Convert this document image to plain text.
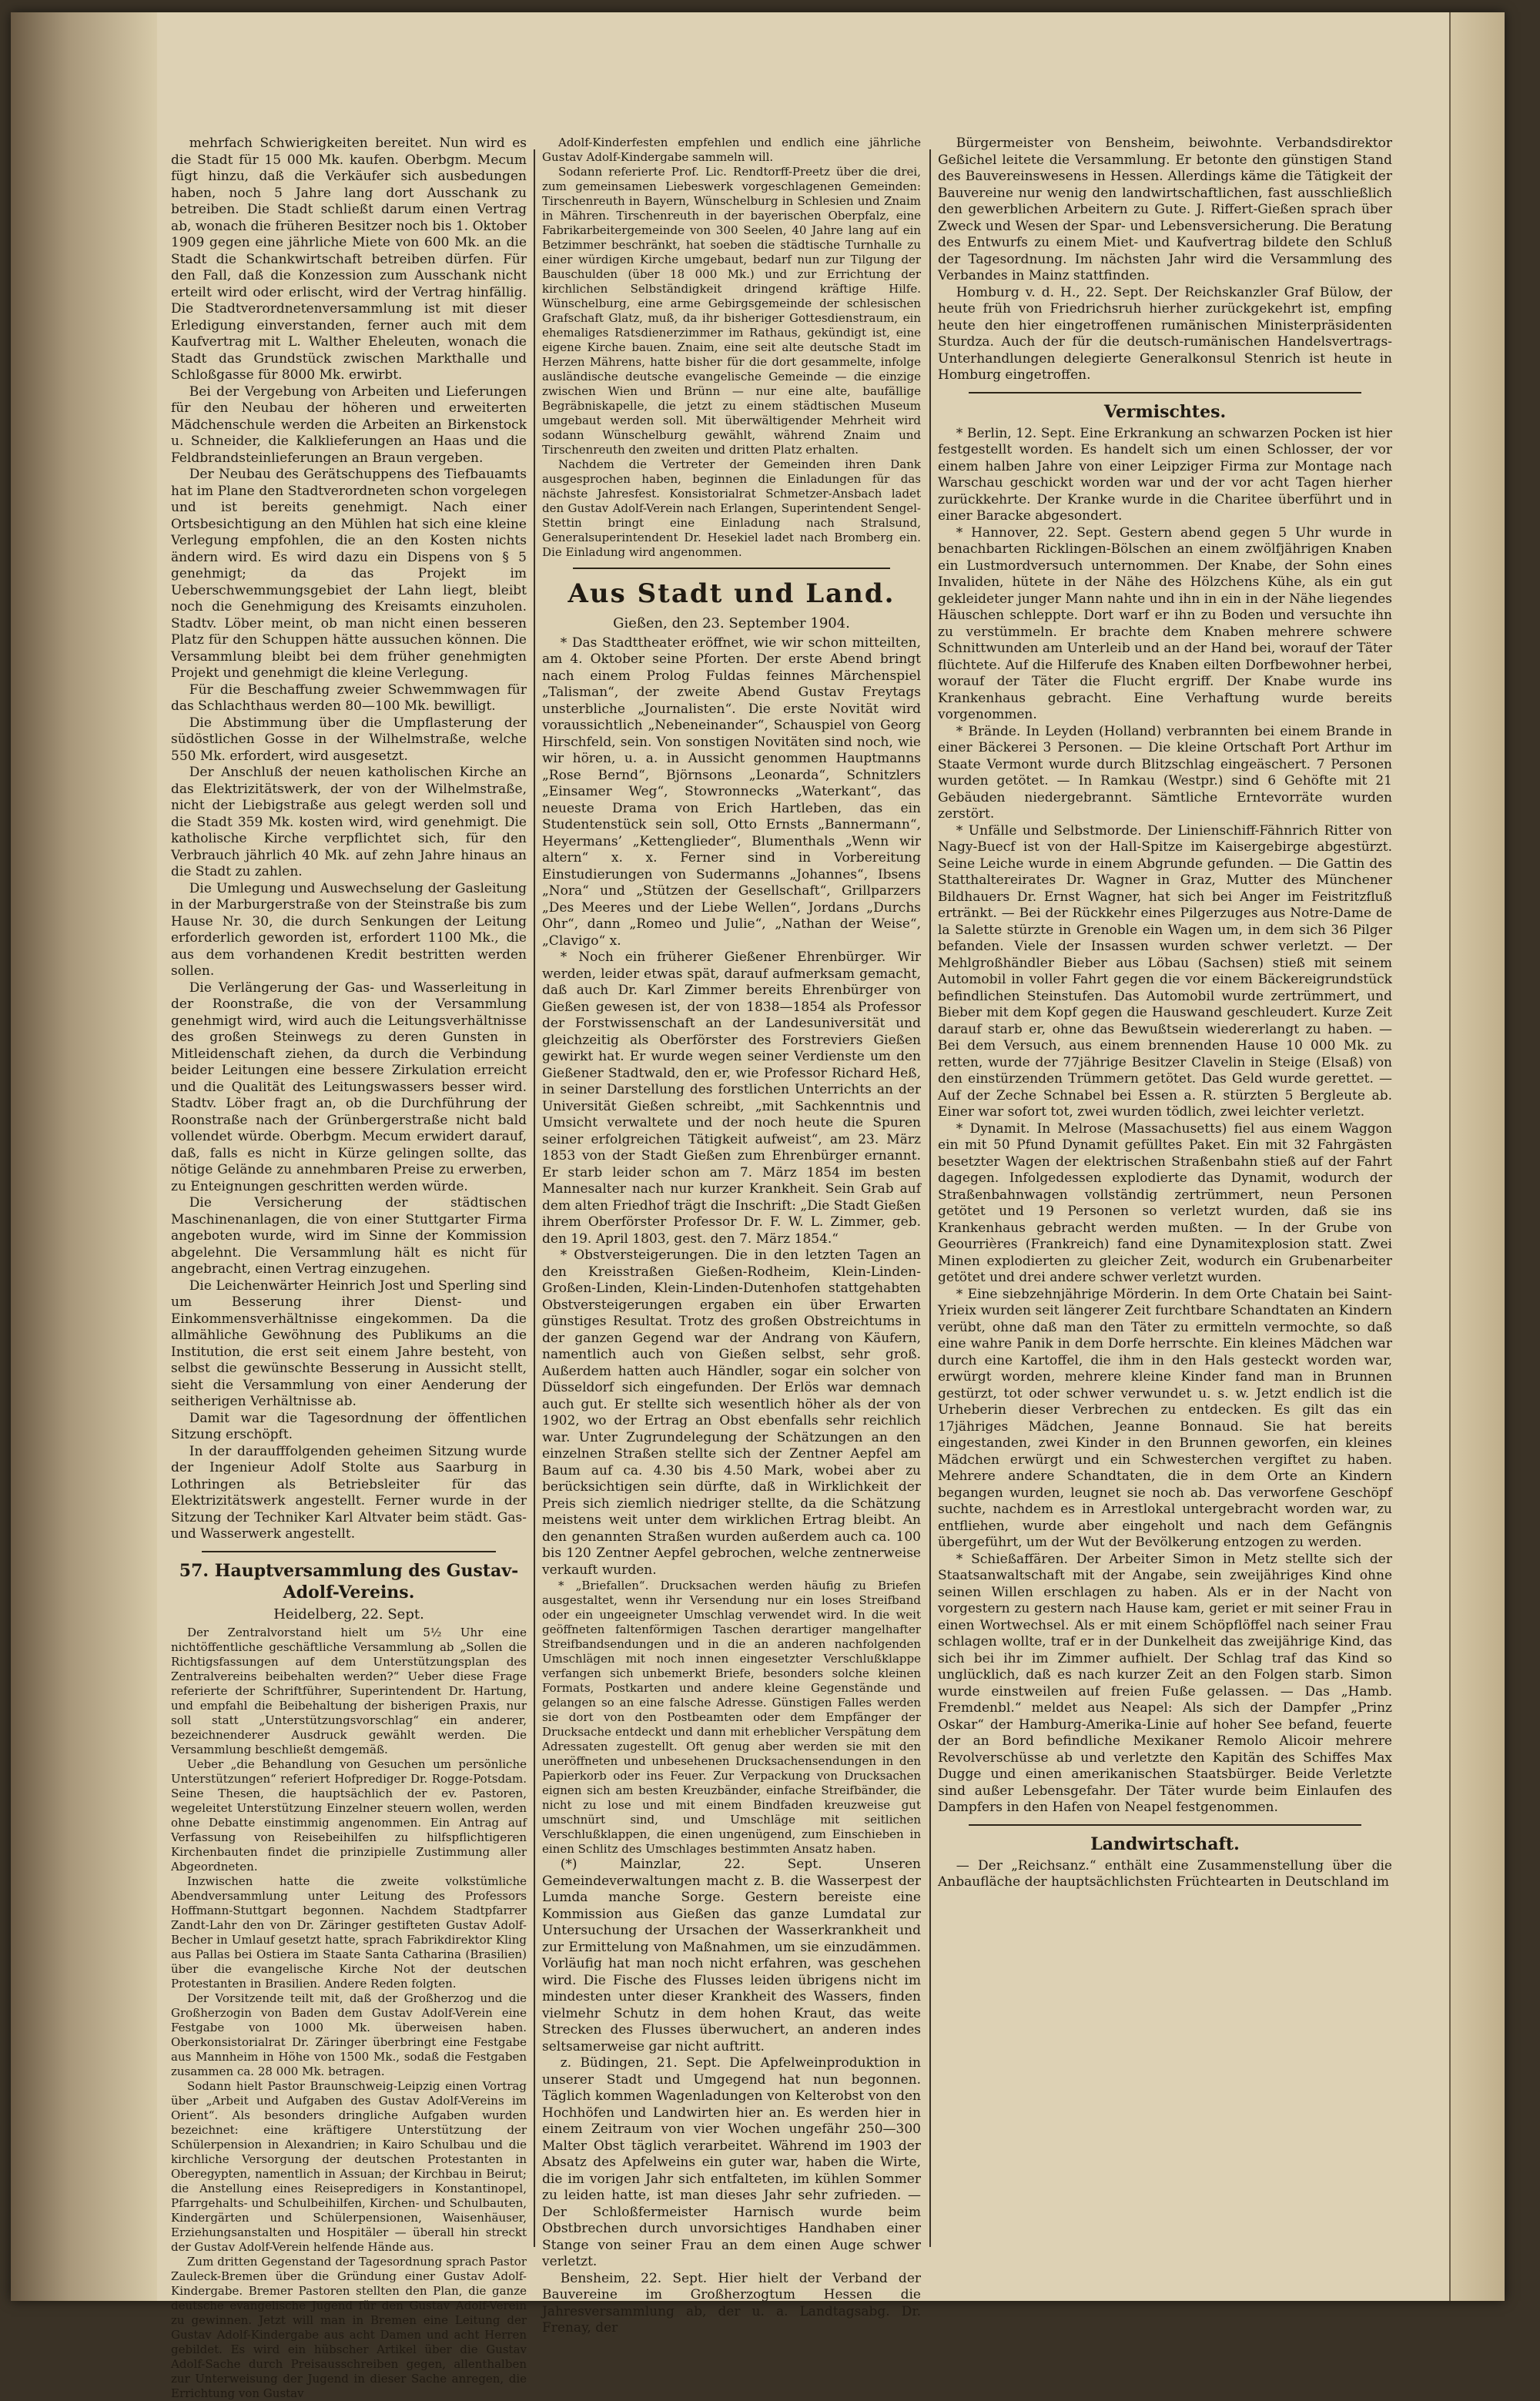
mehrfach Schwierigkeiten bereitet. Nun wird es die Stadt für 15 000 Mk. kaufen. Oberbgm. Mecum fügt hinzu, daß die Verkäufer sich ausbedungen haben, noch 5 Jahre lang dort Ausschank zu betreiben. Die Stadt schließt darum einen Vertrag ab, wonach die früheren Besitzer noch bis 1. Oktober 1909 gegen eine jährliche Miete von 600 Mk. an die Stadt die Schankwirtschaft betreiben dürfen. Für den Fall, daß die Konzession zum Ausschank nicht erteilt wird oder erlischt, wird der Vertrag hinfällig. Die Stadtverordnetenversammlung ist mit dieser Erledigung einverstanden, ferner auch mit dem Kaufvertrag mit L. Walther Eheleuten, wonach die Stadt das Grundstück zwischen Markthalle und Schloßgasse für 8000 Mk. erwirbt.

Bei der Vergebung von Arbeiten und Lieferungen für den Neubau der höheren und erweiterten Mädchenschule werden die Arbeiten an Birkenstock u. Schneider, die Kalklieferungen an Haas und die Feldbrandsteinlieferungen an Braun vergeben.

Der Neubau des Gerätschuppens des Tiefbauamts hat im Plane den Stadtverordneten schon vorgelegen und ist bereits genehmigt. Nach einer Ortsbesichtigung an den Mühlen hat sich eine kleine Verlegung empfohlen, die an den Kosten nichts ändern wird. Es wird dazu ein Dispens von § 5 genehmigt; da das Projekt im Ueberschwemmungsgebiet der Lahn liegt, bleibt noch die Genehmigung des Kreisamts einzuholen. Stadtv. Löber meint, ob man nicht einen besseren Platz für den Schuppen hätte aussuchen können. Die Versammlung bleibt bei dem früher genehmigten Projekt und genehmigt die kleine Verlegung.

Für die Beschaffung zweier Schwemmwagen für das Schlachthaus werden 80—100 Mk. bewilligt.

Die Abstimmung über die Umpflasterung der südöstlichen Gosse in der Wilhelmstraße, welche 550 Mk. erfordert, wird ausgesetzt.

Der Anschluß der neuen katholischen Kirche an das Elektrizitätswerk, der von der Wilhelmstraße, nicht der Liebigstraße aus gelegt werden soll und die Stadt 359 Mk. kosten wird, wird genehmigt. Die katholische Kirche verpflichtet sich, für den Verbrauch jährlich 40 Mk. auf zehn Jahre hinaus an die Stadt zu zahlen.

Die Umlegung und Auswechselung der Gasleitung in der Marburgerstraße von der Steinstraße bis zum Hause Nr. 30, die durch Senkungen der Leitung erforderlich geworden ist, erfordert 1100 Mk., die aus dem vorhandenen Kredit bestritten werden sollen.

Die Verlängerung der Gas- und Wasserleitung in der Roonstraße, die von der Versammlung genehmigt wird, wird auch die Leitungsverhältnisse des großen Steinwegs zu deren Gunsten in Mitleidenschaft ziehen, da durch die Verbindung beider Leitungen eine bessere Zirkulation erreicht und die Qualität des Leitungswassers besser wird. Stadtv. Löber fragt an, ob die Durchführung der Roonstraße nach der Grünbergerstraße nicht bald vollendet würde. Oberbgm. Mecum erwidert darauf, daß, falls es nicht in Kürze gelingen sollte, das nötige Gelände zu annehmbaren Preise zu erwerben, zu Enteignungen geschritten werden würde.

Die Versicherung der städtischen Maschinenanlagen, die von einer Stuttgarter Firma angeboten wurde, wird im Sinne der Kommission abgelehnt. Die Versammlung hält es nicht für angebracht, einen Vertrag einzugehen.

Die Leichenwärter Heinrich Jost und Sperling sind um Besserung ihrer Dienst- und Einkommensverhältnisse eingekommen. Da die allmähliche Gewöhnung des Publikums an die Institution, die erst seit einem Jahre besteht, von selbst die gewünschte Besserung in Aussicht stellt, sieht die Versammlung von einer Aenderung der seitherigen Verhältnisse ab.

Damit war die Tagesordnung der öffentlichen Sitzung erschöpft.

In der daraufffolgenden geheimen Sitzung wurde der Ingenieur Adolf Stolte aus Saarburg in Lothringen als Betriebsleiter für das Elektrizitätswerk angestellt. Ferner wurde in der Sitzung der Techniker Karl Altvater beim städt. Gas- und Wasserwerk angestellt.

57. Hauptversammlung des Gustav-Adolf-Vereins.
Heidelberg, 22. Sept.

Der Zentralvorstand hielt um 5½ Uhr eine nichtöffentliche geschäftliche Versammlung ab „Sollen die Richtigsfassungen auf dem Unterstützungsplan des Zentralvereins beibehalten werden?“ Ueber diese Frage referierte der Schriftführer, Superintendent Dr. Hartung, und empfahl die Beibehaltung der bisherigen Praxis, nur soll statt „Unterstützungsvorschlag“ ein anderer, bezeichnenderer Ausdruck gewählt werden. Die Versammlung beschließt demgemäß.

Ueber „die Behandlung von Gesuchen um persönliche Unterstützungen“ referiert Hofprediger Dr. Rogge-Potsdam. Seine Thesen, die hauptsächlich der ev. Pastoren, wegeleitet Unterstützung Einzelner steuern wollen, werden ohne Debatte einstimmig angenommen. Ein Antrag auf Verfassung von Reisebeihilfen zu hilfspflichtigeren Kirchenbauten findet die prinzipielle Zustimmung aller Abgeordneten.

Inzwischen hatte die zweite volkstümliche Abendversammlung unter Leitung des Professors Hoffmann-Stuttgart begonnen. Nachdem Stadtpfarrer Zandt-Lahr den von Dr. Zäringer gestifteten Gustav Adolf-Becher in Umlauf gesetzt hatte, sprach Fabrikdirektor Kling aus Pallas bei Ostiera im Staate Santa Catharina (Brasilien) über die evangelische Kirche Not der deutschen Protestanten in Brasilien. Andere Reden folgten.

Der Vorsitzende teilt mit, daß der Großherzog und die Großherzogin von Baden dem Gustav Adolf-Verein eine Festgabe von 1000 Mk. überweisen haben. Oberkonsistorialrat Dr. Zäringer überbringt eine Festgabe aus Mannheim in Höhe von 1500 Mk., sodaß die Festgaben zusammen ca. 28 000 Mk. betragen.

Sodann hielt Pastor Braunschweig-Leipzig einen Vortrag über „Arbeit und Aufgaben des Gustav Adolf-Vereins im Orient“. Als besonders dringliche Aufgaben wurden bezeichnet: eine kräftigere Unterstützung der Schülerpension in Alexandrien; in Kairo Schulbau und die kirchliche Versorgung der deutschen Protestanten in Oberegypten, namentlich in Assuan; der Kirchbau in Beirut; die Anstellung eines Reisepredigers in Konstantinopel, Pfarrgehalts- und Schulbeihilfen, Kirchen- und Schulbauten, Kindergärten und Schülerpensionen, Waisenhäuser, Erziehungsanstalten und Hospitäler — überall hin streckt der Gustav Adolf-Verein helfende Hände aus.

Zum dritten Gegenstand der Tagesordnung sprach Pastor Zauleck-Bremen über die Gründung einer Gustav Adolf-Kindergabe. Bremer Pastoren stellten den Plan, die ganze deutsche evangelische Jugend für den Gustav Adolf-Verein zu gewinnen. Jetzt will man in Bremen eine Leitung der Gustav Adolf-Kindergabe aus acht Damen und acht Herren gebildet. Es wird ein hübscher Artikel über die Gustav Adolf-Sache durch Preisausschreiben gegen, allenthalben zur Unterweisung der Jugend in dieser Sache anregen, die Errichtung von Gustav

Adolf-Kinderfesten empfehlen und endlich eine jährliche Gustav Adolf-Kindergabe sammeln will.

Sodann referierte Prof. Lic. Rendtorff-Preetz über die drei, zum gemeinsamen Liebeswerk vorgeschlagenen Gemeinden: Tirschenreuth in Bayern, Wünschelburg in Schlesien und Znaim in Mähren. Tirschenreuth in der bayerischen Oberpfalz, eine Fabrikarbeitergemeinde von 300 Seelen, 40 Jahre lang auf ein Betzimmer beschränkt, hat soeben die städtische Turnhalle zu einer würdigen Kirche umgebaut, bedarf nun zur Tilgung der Bauschulden (über 18 000 Mk.) und zur Errichtung der kirchlichen Selbständigkeit dringend kräftige Hilfe. Wünschelburg, eine arme Gebirgsgemeinde der schlesischen Grafschaft Glatz, muß, da ihr bisheriger Gottesdienstraum, ein ehemaliges Ratsdienerzimmer im Rathaus, gekündigt ist, eine eigene Kirche bauen. Znaim, eine seit alte deutsche Stadt im Herzen Mährens, hatte bisher für die dort gesammelte, infolge ausländische deutsche evangelische Gemeinde — die einzige zwischen Wien und Brünn — nur eine alte, baufällige Begräbniskapelle, die jetzt zu einem städtischen Museum umgebaut werden soll. Mit überwältigender Mehrheit wird sodann Wünschelburg gewählt, während Znaim und Tirschenreuth den zweiten und dritten Platz erhalten.

Nachdem die Vertreter der Gemeinden ihren Dank ausgesprochen haben, beginnen die Einladungen für das nächste Jahresfest. Konsistorialrat Schmetzer-Ansbach ladet den Gustav Adolf-Verein nach Erlangen, Superintendent Sengel-Stettin bringt eine Einladung nach Stralsund, Generalsuperintendent Dr. Hesekiel ladet nach Bromberg ein. Die Einladung wird angenommen.

Aus Stadt und Land.
Gießen, den 23. September 1904.

* Das Stadttheater eröffnet, wie wir schon mitteilten, am 4. Oktober seine Pforten. Der erste Abend bringt nach einem Prolog Fuldas feinnes Märchenspiel „Talisman“, der zweite Abend Gustav Freytags unsterbliche „Journalisten“. Die erste Novität wird voraussichtlich „Nebeneinander“, Schauspiel von Georg Hirschfeld, sein. Von sonstigen Novitäten sind noch, wie wir hören, u. a. in Aussicht genommen Hauptmanns „Rose Bernd“, Björnsons „Leonarda“, Schnitzlers „Einsamer Weg“, Stowronnecks „Waterkant“, das neueste Drama von Erich Hartleben, das ein Studentenstück sein soll, Otto Ernsts „Bannermann“, Heyermans’ „Kettenglieder“, Blumenthals „Wenn wir altern“ x. x. Ferner sind in Vorbereitung Einstudierungen von Sudermanns „Johannes“, Ibsens „Nora“ und „Stützen der Gesellschaft“, Grillparzers „Des Meeres und der Liebe Wellen“, Jordans „Durchs Ohr“, dann „Romeo und Julie“, „Nathan der Weise“, „Clavigo“ x.

* Noch ein früherer Gießener Ehrenbürger. Wir werden, leider etwas spät, darauf aufmerksam gemacht, daß auch Dr. Karl Zimmer bereits Ehrenbürger von Gießen gewesen ist, der von 1838—1854 als Professor der Forstwissenschaft an der Landesuniversität und gleichzeitig als Oberförster des Forstreviers Gießen gewirkt hat. Er wurde wegen seiner Verdienste um den Gießener Stadtwald, den er, wie Professor Richard Heß, in seiner Darstellung des forstlichen Unterrichts an der Universität Gießen schreibt, „mit Sachkenntnis und Umsicht verwaltete und der noch heute die Spuren seiner erfolgreichen Tätigkeit aufweist“, am 23. März 1853 von der Stadt Gießen zum Ehrenbürger ernannt. Er starb leider schon am 7. März 1854 im besten Mannesalter nach nur kurzer Krankheit. Sein Grab auf dem alten Friedhof trägt die Inschrift: „Die Stadt Gießen ihrem Oberförster Professor Dr. F. W. L. Zimmer, geb. den 19. April 1803, gest. den 7. März 1854.“

* Obstversteigerungen. Die in den letzten Tagen an den Kreisstraßen Gießen-Rodheim, Klein-Linden-Großen-Linden, Klein-Linden-Dutenhofen stattgehabten Obstversteigerungen ergaben ein über Erwarten günstiges Resultat. Trotz des großen Obstreichtums in der ganzen Gegend war der Andrang von Käufern, namentlich auch von Gießen selbst, sehr groß. Außerdem hatten auch Händler, sogar ein solcher von Düsseldorf sich eingefunden. Der Erlös war demnach auch gut. Er stellte sich wesentlich höher als der von 1902, wo der Ertrag an Obst ebenfalls sehr reichlich war. Unter Zugrundelegung der Schätzungen an den einzelnen Straßen stellte sich der Zentner Aepfel am Baum auf ca. 4.30 bis 4.50 Mark, wobei aber zu berücksichtigen sein dürfte, daß in Wirklichkeit der Preis sich ziemlich niedriger stellte, da die Schätzung meistens weit unter dem wirklichen Ertrag bleibt. An den genannten Straßen wurden außerdem auch ca. 100 bis 120 Zentner Aepfel gebrochen, welche zentnerweise verkauft wurden.

* „Briefallen“. Drucksachen werden häufig zu Briefen ausgestaltet, wenn ihr Versendung nur ein loses Streifband oder ein ungeeigneter Umschlag verwendet wird. In die weit geöffneten faltenförmigen Taschen derartiger mangelhafter Streifbandsendungen und in die an anderen nachfolgenden Umschlägen mit noch innen eingesetzter Verschlußklappe verfangen sich unbemerkt Briefe, besonders solche kleinen Formats, Postkarten und andere kleine Gegenstände und gelangen so an eine falsche Adresse. Günstigen Falles werden sie dort von den Postbeamten oder dem Empfänger der Drucksache entdeckt und dann mit erheblicher Verspätung dem Adressaten zugestellt. Oft genug aber werden sie mit den uneröffneten und unbesehenen Drucksachensendungen in den Papierkorb oder ins Feuer. Zur Verpackung von Drucksachen eignen sich am besten Kreuzbänder, einfache Streifbänder, die nicht zu lose und mit einem Bindfaden kreuzweise gut umschnürt sind, und Umschläge mit seitlichen Verschlußklappen, die einen ungenügend, zum Einschieben in einen Schlitz des Umschlages bestimmten Ansatz haben.

(*) Mainzlar, 22. Sept. Unseren Gemeindeverwaltungen macht z. B. die Wasserpest der Lumda manche Sorge. Gestern bereiste eine Kommission aus Gießen das ganze Lumdatal zur Untersuchung der Ursachen der Wasserkrankheit und zur Ermittelung von Maßnahmen, um sie einzudämmen. Vorläufig hat man noch nicht erfahren, was geschehen wird. Die Fische des Flusses leiden übrigens nicht im mindesten unter dieser Krankheit des Wassers, finden vielmehr Schutz in dem hohen Kraut, das weite Strecken des Flusses überwuchert, an anderen indes seltsamerweise gar nicht auftritt.

z. Büdingen, 21. Sept. Die Apfelweinproduktion in unserer Stadt und Umgegend hat nun begonnen. Täglich kommen Wagenladungen von Kelterobst von den Hochhöfen und Landwirten hier an. Es werden hier in einem Zeitraum von vier Wochen ungefähr 250—300 Malter Obst täglich verarbeitet. Während im 1903 der Absatz des Apfelweins ein guter war, haben die Wirte, die im vorigen Jahr sich entfalteten, im kühlen Sommer zu leiden hatte, ist man dieses Jahr sehr zufrieden. — Der Schloßfermeister Harnisch wurde beim Obstbrechen durch unvorsichtiges Handhaben einer Stange von seiner Frau an dem einen Auge schwer verletzt.

Bensheim, 22. Sept. Hier hielt der Verband der Bauvereine im Großherzogtum Hessen die Jahresversammlung ab, der u. a. Landtagsabg. Dr. Frenay, der

Bürgermeister von Bensheim, beiwohnte. Verbandsdirektor Geßichel leitete die Versammlung. Er betonte den günstigen Stand des Bauvereinswesens in Hessen. Allerdings käme die Tätigkeit der Bauvereine nur wenig den landwirtschaftlichen, fast ausschließlich den gewerblichen Arbeitern zu Gute. J. Riffert-Gießen sprach über Zweck und Wesen der Spar- und Lebensversicherung. Die Beratung des Entwurfs zu einem Miet- und Kaufvertrag bildete den Schluß der Tagesordnung. Im nächsten Jahr wird die Versammlung des Verbandes in Mainz stattfinden.

Homburg v. d. H., 22. Sept. Der Reichskanzler Graf Bülow, der heute früh von Friedrichsruh hierher zurückgekehrt ist, empfing heute den hier eingetroffenen rumänischen Ministerpräsidenten Sturdza. Auch der für die deutsch-rumänischen Handelsvertrags-Unterhandlungen delegierte Generalkonsul Stenrich ist heute in Homburg eingetroffen.

Vermischtes.

* Berlin, 12. Sept. Eine Erkrankung an schwarzen Pocken ist hier festgestellt worden. Es handelt sich um einen Schlosser, der vor einem halben Jahre von einer Leipziger Firma zur Montage nach Warschau geschickt worden war und der vor acht Tagen hierher zurückkehrte. Der Kranke wurde in die Charitee überführt und in einer Baracke abgesondert.

* Hannover, 22. Sept. Gestern abend gegen 5 Uhr wurde in benachbarten Ricklingen-Bölschen an einem zwölfjährigen Knaben ein Lustmordversuch unternommen. Der Knabe, der Sohn eines Invaliden, hütete in der Nähe des Hölzchens Kühe, als ein gut gekleideter junger Mann nahte und ihn in ein in der Nähe liegendes Häuschen schleppte. Dort warf er ihn zu Boden und versuchte ihn zu verstümmeln. Er brachte dem Knaben mehrere schwere Schnittwunden am Unterleib und an der Hand bei, worauf der Täter flüchtete. Auf die Hilferufe des Knaben eilten Dorfbewohner herbei, worauf der Täter die Flucht ergriff. Der Knabe wurde ins Krankenhaus gebracht. Eine Verhaftung wurde bereits vorgenommen.

* Brände. In Leyden (Holland) verbrannten bei einem Brande in einer Bäckerei 3 Personen. — Die kleine Ortschaft Port Arthur im Staate Vermont wurde durch Blitzschlag eingeäschert. 7 Personen wurden getötet. — In Ramkau (Westpr.) sind 6 Gehöfte mit 21 Gebäuden niedergebrannt. Sämtliche Erntevorräte wurden zerstört.

* Unfälle und Selbstmorde. Der Linienschiff-Fähnrich Ritter von Nagy-Buecf ist von der Hall-Spitze im Kaisergebirge abgestürzt. Seine Leiche wurde in einem Abgrunde gefunden. — Die Gattin des Statthaltereirates Dr. Wagner in Graz, Mutter des Münchener Bildhauers Dr. Ernst Wagner, hat sich bei Anger im Feistritzfluß ertränkt. — Bei der Rückkehr eines Pilgerzuges aus Notre-Dame de la Salette stürzte in Grenoble ein Wagen um, in dem sich 36 Pilger befanden. Viele der Insassen wurden schwer verletzt. — Der Mehlgroßhändler Bieber aus Löbau (Sachsen) stieß mit seinem Automobil in voller Fahrt gegen die vor einem Bäckereigrundstück befindlichen Steinstufen. Das Automobil wurde zertrümmert, und Bieber mit dem Kopf gegen die Hauswand geschleudert. Kurze Zeit darauf starb er, ohne das Bewußtsein wiedererlangt zu haben. — Bei dem Versuch, aus einem brennenden Hause 10 000 Mk. zu retten, wurde der 77jährige Besitzer Clavelin in Steige (Elsaß) von den einstürzenden Trümmern getötet. Das Geld wurde gerettet. — Auf der Zeche Schnabel bei Essen a. R. stürzten 5 Bergleute ab. Einer war sofort tot, zwei wurden tödlich, zwei leichter verletzt.

* Dynamit. In Melrose (Massachusetts) fiel aus einem Waggon ein mit 50 Pfund Dynamit gefülltes Paket. Ein mit 32 Fahrgästen besetzter Wagen der elektrischen Straßenbahn stieß auf der Fahrt dagegen. Infolgedessen explodierte das Dynamit, wodurch der Straßenbahnwagen vollständig zertrümmert, neun Personen getötet und 19 Personen so verletzt wurden, daß sie ins Krankenhaus gebracht werden mußten. — In der Grube von Geourrières (Frankreich) fand eine Dynamitexplosion statt. Zwei Minen explodierten zu gleicher Zeit, wodurch ein Grubenarbeiter getötet und drei andere schwer verletzt wurden.

* Eine siebzehnjährige Mörderin. In dem Orte Chatain bei Saint-Yrieix wurden seit längerer Zeit furchtbare Schandtaten an Kindern verübt, ohne daß man den Täter zu ermitteln vermochte, so daß eine wahre Panik in dem Dorfe herrschte. Ein kleines Mädchen war durch eine Kartoffel, die ihm in den Hals gesteckt worden war, erwürgt worden, mehrere kleine Kinder fand man in Brunnen gestürzt, tot oder schwer verwundet u. s. w. Jetzt endlich ist die Urheberin dieser Verbrechen zu entdecken. Es gilt das ein 17jähriges Mädchen, Jeanne Bonnaud. Sie hat bereits eingestanden, zwei Kinder in den Brunnen geworfen, ein kleines Mädchen erwürgt und ein Schwesterchen vergiftet zu haben. Mehrere andere Schandtaten, die in dem Orte an Kindern begangen wurden, leugnet sie noch ab. Das verworfene Geschöpf suchte, nachdem es in Arrestlokal untergebracht worden war, zu entfliehen, wurde aber eingeholt und nach dem Gefängnis übergeführt, um der Wut der Bevölkerung entzogen zu werden.

* Schießaffären. Der Arbeiter Simon in Metz stellte sich der Staatsanwaltschaft mit der Angabe, sein zweijähriges Kind ohne seinen Willen erschlagen zu haben. Als er in der Nacht von vorgestern zu gestern nach Hause kam, geriet er mit seiner Frau in einen Wortwechsel. Als er mit einem Schöpflöffel nach seiner Frau schlagen wollte, traf er in der Dunkelheit das zweijährige Kind, das sich bei ihr im Zimmer aufhielt. Der Schlag traf das Kind so unglücklich, daß es nach kurzer Zeit an den Folgen starb. Simon wurde einstweilen auf freien Fuße gelassen. — Das „Hamb. Fremdenbl.“ meldet aus Neapel: Als sich der Dampfer „Prinz Oskar“ der Hamburg-Amerika-Linie auf hoher See befand, feuerte der an Bord befindliche Mexikaner Remolo Alicoir mehrere Revolverschüsse ab und verletzte den Kapitän des Schiffes Max Dugge und einen amerikanischen Staatsbürger. Beide Verletzte sind außer Lebensgefahr. Der Täter wurde beim Einlaufen des Dampfers in den Hafen von Neapel festgenommen.

Landwirtschaft.

— Der „Reichsanz.“ enthält eine Zusammenstellung über die Anbaufläche der hauptsächlichsten Früchtearten in Deutschland im
